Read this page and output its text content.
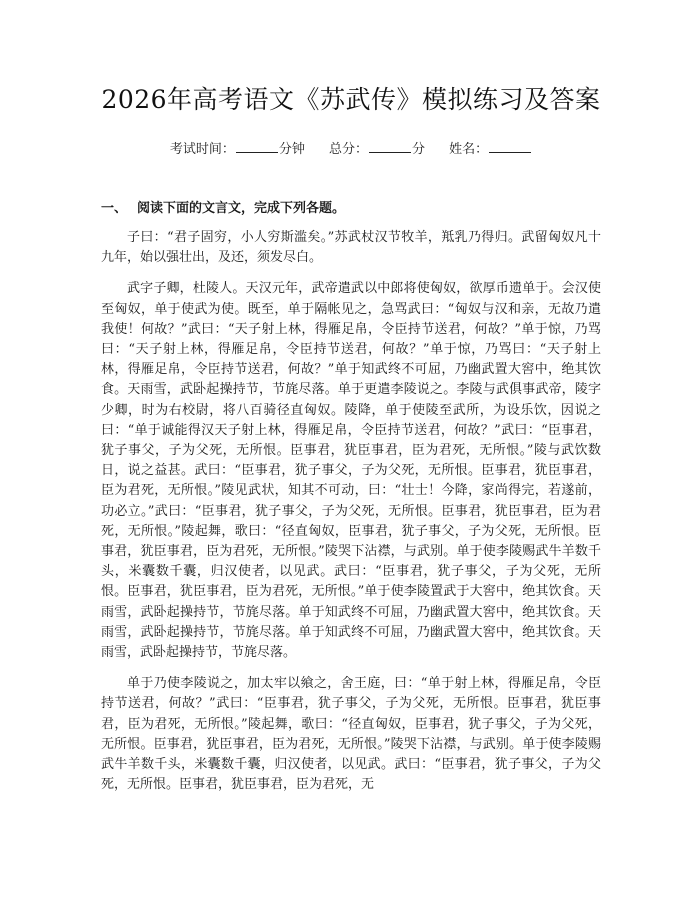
2026年高考语文《苏武传》模拟练习及答案
考试时间：	分钟 总分：	分 姓名：
一、 阅读下面的文言文，完成下列各题。

子曰：“君子固穷，小人穷斯滥矣。”苏武杖汉节牧羊，羝乳乃得归。武留匈奴凡十九年，始以强壮出，及还，须发尽白。

武字子卿，杜陵人。天汉元年，武帝遣武以中郎将使匈奴，欲厚币遗单于。会汉使至匈奴，单于使武为使。既至，单于隔帐见之，急骂武曰：“匈奴与汉和亲，无故乃遣我使！何故？”武曰：“天子射上林，得雁足帛，令臣持节送君，何故？”单于惊，乃骂曰：“天子射上林，得雁足帛，令臣持节送君，何故？”单于惊，乃骂曰：“天子射上林，得雁足帛，令臣持节送君，何故？”单于知武终不可屈，乃幽武置大窖中，绝其饮食。天雨雪，武卧起操持节，节旄尽落。单于更遣李陵说之。李陵与武俱事武帝，陵字少卿，时为右校尉，将八百骑径直匈奴。陵降，单于使陵至武所，为设乐饮，因说之曰：“单于诚能得汉天子射上林，得雁足帛，令臣持节送君，何故？”武曰：“臣事君，犹子事父，子为父死，无所恨。臣事君，犹臣事君，臣为君死，无所恨。”陵与武饮数日，说之益甚。武曰：“臣事君，犹子事父，子为父死，无所恨。臣事君，犹臣事君，臣为君死，无所恨。”陵见武状，知其不可动，曰：“壮士！今降，家尚得完，若遂前，功必立。”武曰：“臣事君，犹子事父，子为父死，无所恨。臣事君，犹臣事君，臣为君死，无所恨。”陵起舞，歌曰：“径直匈奴，臣事君，犹子事父，子为父死，无所恨。臣事君，犹臣事君，臣为君死，无所恨。”陵哭下沾襟，与武别。单于使李陵赐武牛羊数千头，米囊数千囊，归汉使者，以见武。武曰：“臣事君，犹子事父，子为父死，无所恨。臣事君，犹臣事君，臣为君死，无所恨。”单于使李陵置武于大窖中，绝其饮食。天雨雪，武卧起操持节，节旄尽落。单于知武终不可屈，乃幽武置大窖中，绝其饮食。天雨雪，武卧起操持节，节旄尽落。单于知武终不可屈，乃幽武置大窖中，绝其饮食。天雨雪，武卧起操持节，节旄尽落。

单于乃使李陵说之，加太牢以飨之，舍王庭，曰：“单于射上林，得雁足帛，令臣持节送君，何故？”武曰：“臣事君，犹子事父，子为父死，无所恨。臣事君，犹臣事君，臣为君死，无所恨。”陵起舞，歌曰：“径直匈奴，臣事君，犹子事父，子为父死，无所恨。臣事君，犹臣事君，臣为君死，无所恨。”陵哭下沾襟，与武别。单于使李陵赐武牛羊数千头，米囊数千囊，归汉使者，以见武。武曰：“臣事君，犹子事父，子为父死，无所恨。臣事君，犹臣事君，臣为君死，无
